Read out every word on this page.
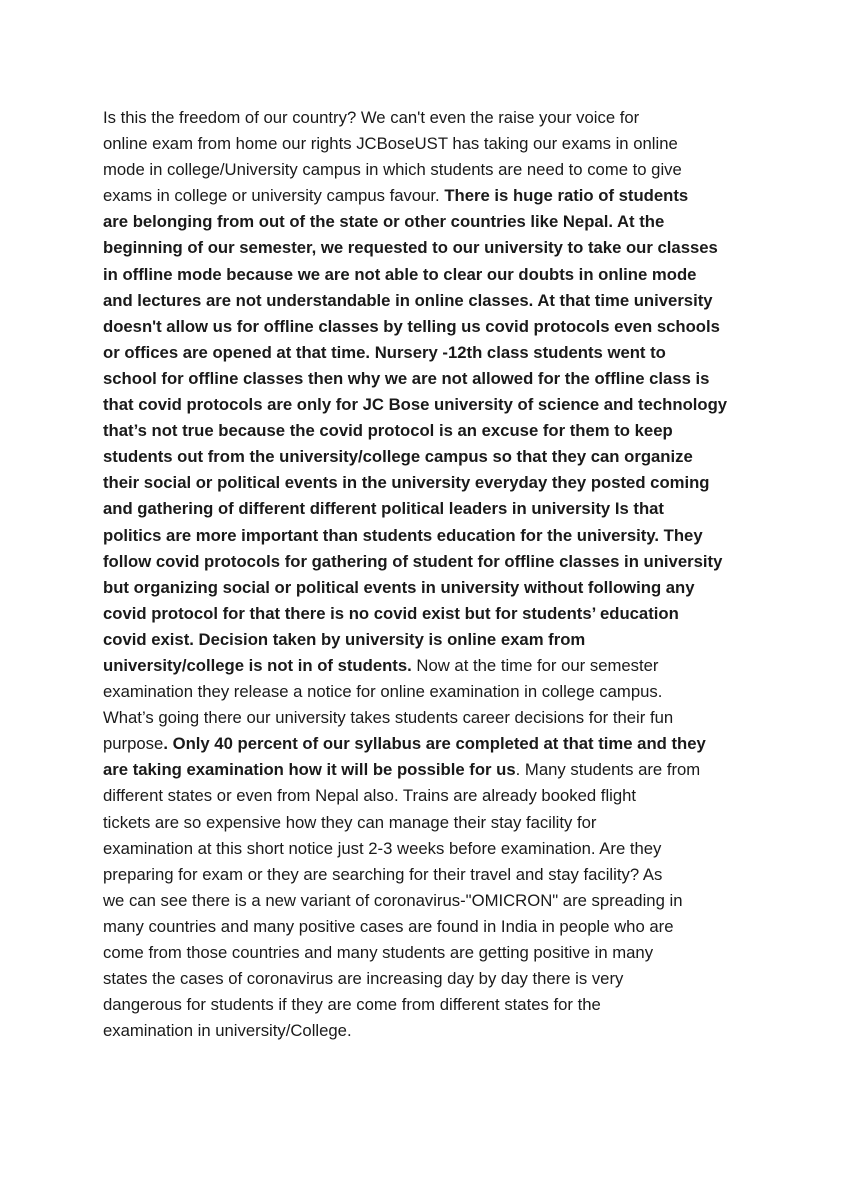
Is this the freedom of our country? We can't even the raise your voice for
online exam from home our rights JCBoseUST has taking our exams in online
mode in college/University campus in which students are need to come to give
exams in college or university campus favour. There is huge ratio of students
are belonging from out of the state or other countries like Nepal. At the
beginning of our semester, we requested to our university to take our classes
in offline mode because we are not able to clear our doubts in online mode
and lectures are not understandable in online classes. At that time university
doesn't allow us for offline classes by telling us covid protocols even schools
or offices are opened at that time. Nursery -12th class students went to
school for offline classes then why we are not allowed for the offline class is
that covid protocols are only for JC Bose university of science and technology
that’s not true because the covid protocol is an excuse for them to keep
students out from the university/college campus so that they can organize
their social or political events in the university everyday they posted coming
and gathering of different different political leaders in university Is that
politics are more important than students education for the university. They
follow covid protocols for gathering of student for offline classes in university
but organizing social or political events in university without following any
covid protocol for that there is no covid exist but for students’ education
covid exist. Decision taken by university is online exam from
university/college is not in of students. Now at the time for our semester
examination they release a notice for online examination in college campus.
What’s going there our university takes students career decisions for their fun
purpose. Only 40 percent of our syllabus are completed at that time and they
are taking examination how it will be possible for us. Many students are from
different states or even from Nepal also. Trains are already booked flight
tickets are so expensive how they can manage their stay facility for
examination at this short notice just 2-3 weeks before examination. Are they
preparing for exam or they are searching for their travel and stay facility? As
we can see there is a new variant of coronavirus-"OMICRON" are spreading in
many countries and many positive cases are found in India in people who are
come from those countries and many students are getting positive in many
states the cases of coronavirus are increasing day by day there is very
dangerous for students if they are come from different states for the
examination in university/College.
